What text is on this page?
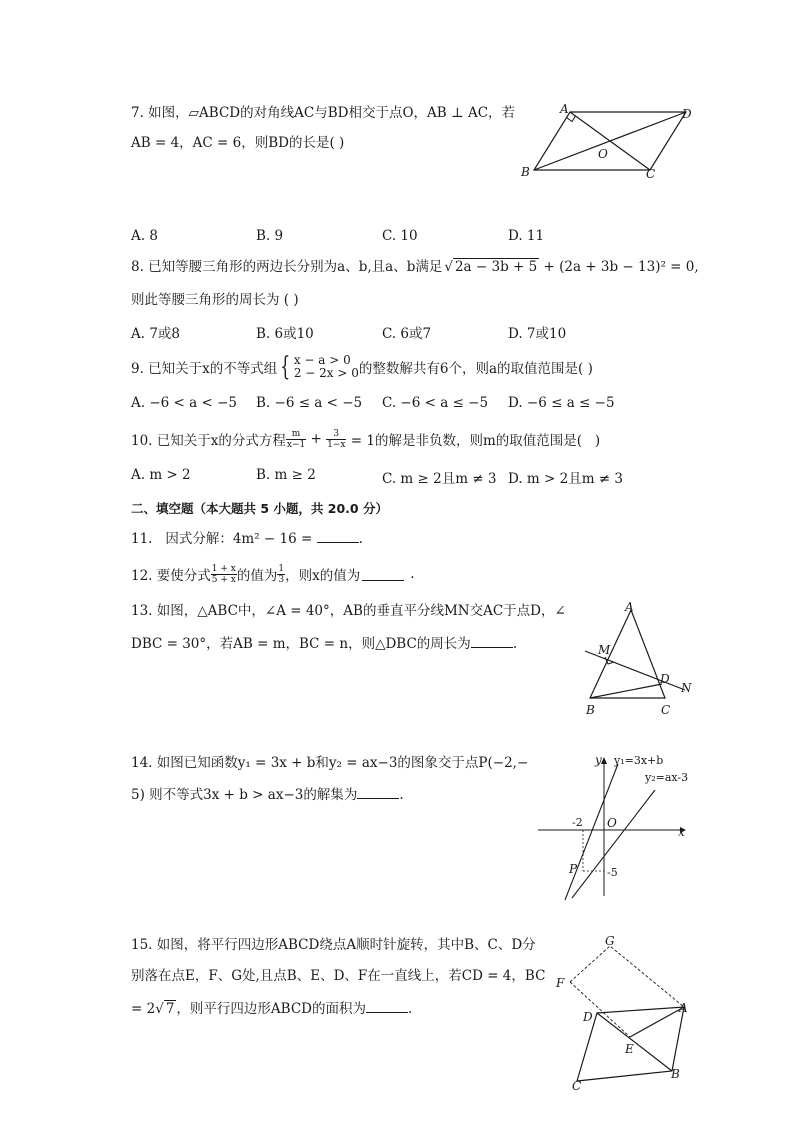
7. 如图，▱ABCD的对角线AC与BD相交于点O，AB ⊥ AC，若
AB = 4，AC = 6，则BD的长是( )
A	D
B	C
O
A. 8	B. 9	C. 10	D. 11
8. 已知等腰三角形的两边长分别为a、b,且a、b满足 √ 2a − 3b + 5 + (2a + 3b − 13)² = 0,
则此等腰三角形的周长为 ( )
A. 7或8	B. 6或10	C. 6或7	D. 7或10
9. 已知关于x的不等式组 { x − a > 0
2 − 2x > 0 的整数解共有6个，则a的取值范围是( )
A. −6 < a < −5 B. −6 ≤ a < −5 C. −6 < a ≤ −5 D. −6 ≤ a ≤ −5
10. 已知关于x的分式方程 $\frac{m}{x-1} + \frac{3}{1-x} = 1$的解是非负数，则m的取值范围是(   )
A. m > 2	B. m ≥ 2	C. m ≥ 2且m ≠ 3 D. m > 2且m ≠ 3
二、填空题（本大题共 5 小题，共 20.0 分）
11.   因式分解：4m² − 16 =	.
12. 要使分式 $\frac{1 + x}{5 + x}$ 的值为 $\frac{1}{3}$ ，则x的值为	.
13. 如图，△ABC中，∠A = 40°，AB的垂直平分线MN交AC于点D，∠
DBC = 30°，若AB = m，BC = n，则△DBC的周长为	.
A
B	C
D
M
N
14. 如图已知函数y₁ = 3x + b和y₂ = ax−3的图象交于点P(−2,−
5) 则不等式3x + b > ax−3的解集为	.
y
x
O
P
y₁=3x+b
y₂=ax-3
-2
-5
15. 如图，将平行四边形ABCD绕点A顺时针旋转，其中B、C、D分
别落在点E，F、G处,且点B、E、D、F在一直线上，若CD = 4，BC
= 2√ 7 ，则平行四边形ABCD的面积为	.
G
F
D
A
E
B
C
